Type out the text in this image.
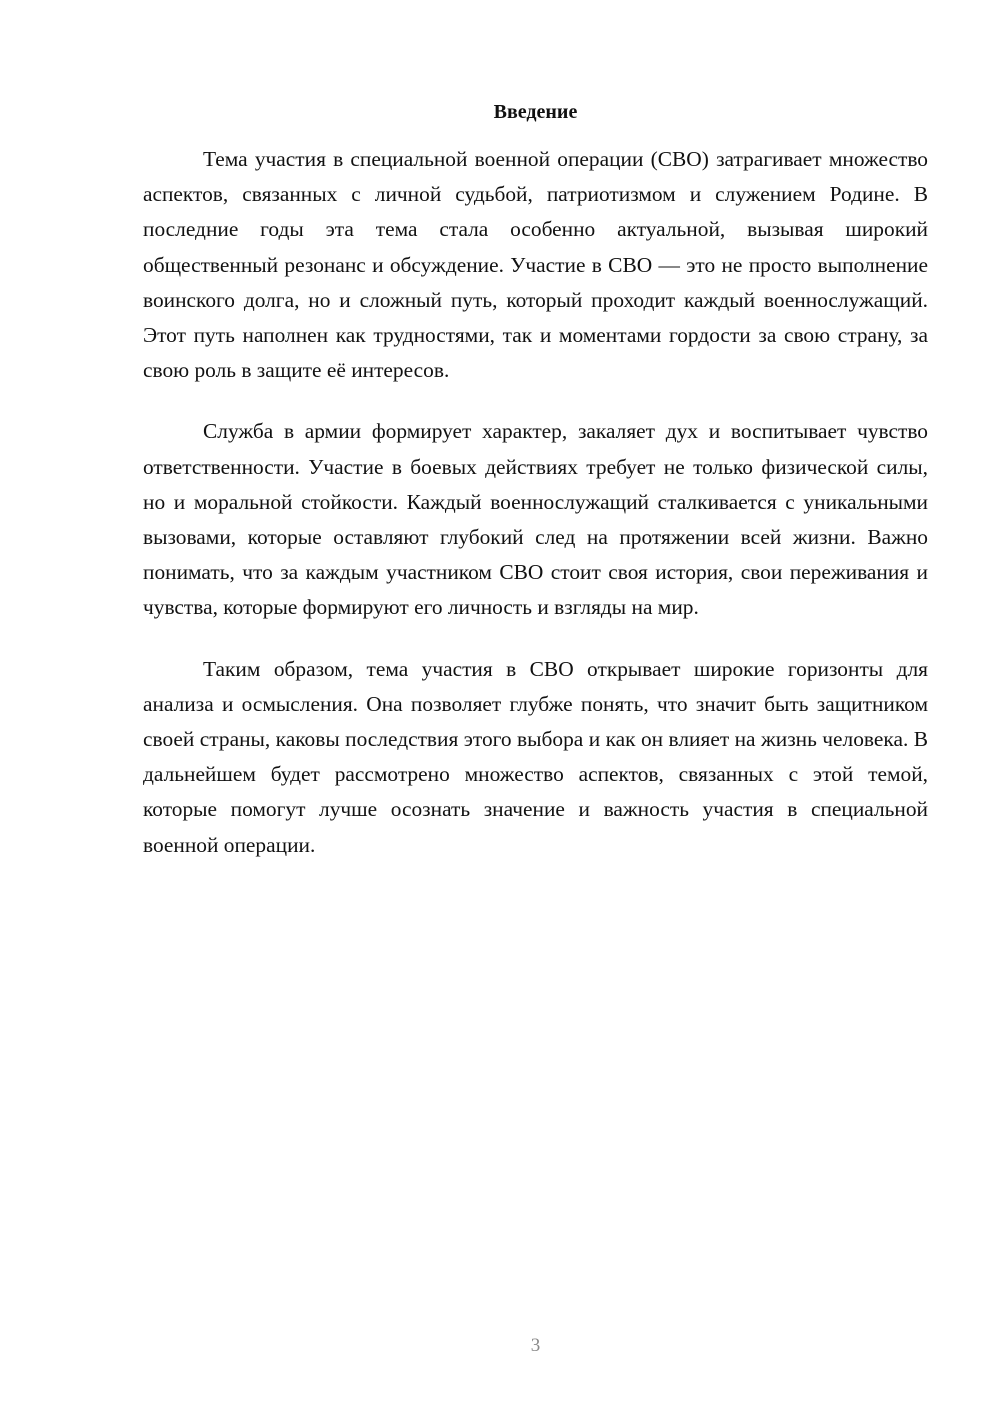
Введение

Тема участия в специальной военной операции (СВО) затрагивает множество аспектов, связанных с личной судьбой, патриотизмом и служением Родине. В последние годы эта тема стала особенно актуальной, вызывая широкий общественный резонанс и обсуждение. Участие в СВО — это не просто выполнение воинского долга, но и сложный путь, который проходит каждый военнослужащий. Этот путь наполнен как трудностями, так и моментами гордости за свою страну, за свою роль в защите её интересов.

Служба в армии формирует характер, закаляет дух и воспитывает чувство ответственности. Участие в боевых действиях требует не только физической силы, но и моральной стойкости. Каждый военнослужащий сталкивается с уникальными вызовами, которые оставляют глубокий след на протяжении всей жизни. Важно понимать, что за каждым участником СВО стоит своя история, свои переживания и чувства, которые формируют его личность и взгляды на мир.

Таким образом, тема участия в СВО открывает широкие горизонты для анализа и осмысления. Она позволяет глубже понять, что значит быть защитником своей страны, каковы последствия этого выбора и как он влияет на жизнь человека. В дальнейшем будет рассмотрено множество аспектов, связанных с этой темой, которые помогут лучше осознать значение и важность участия в специальной военной операции.

3
